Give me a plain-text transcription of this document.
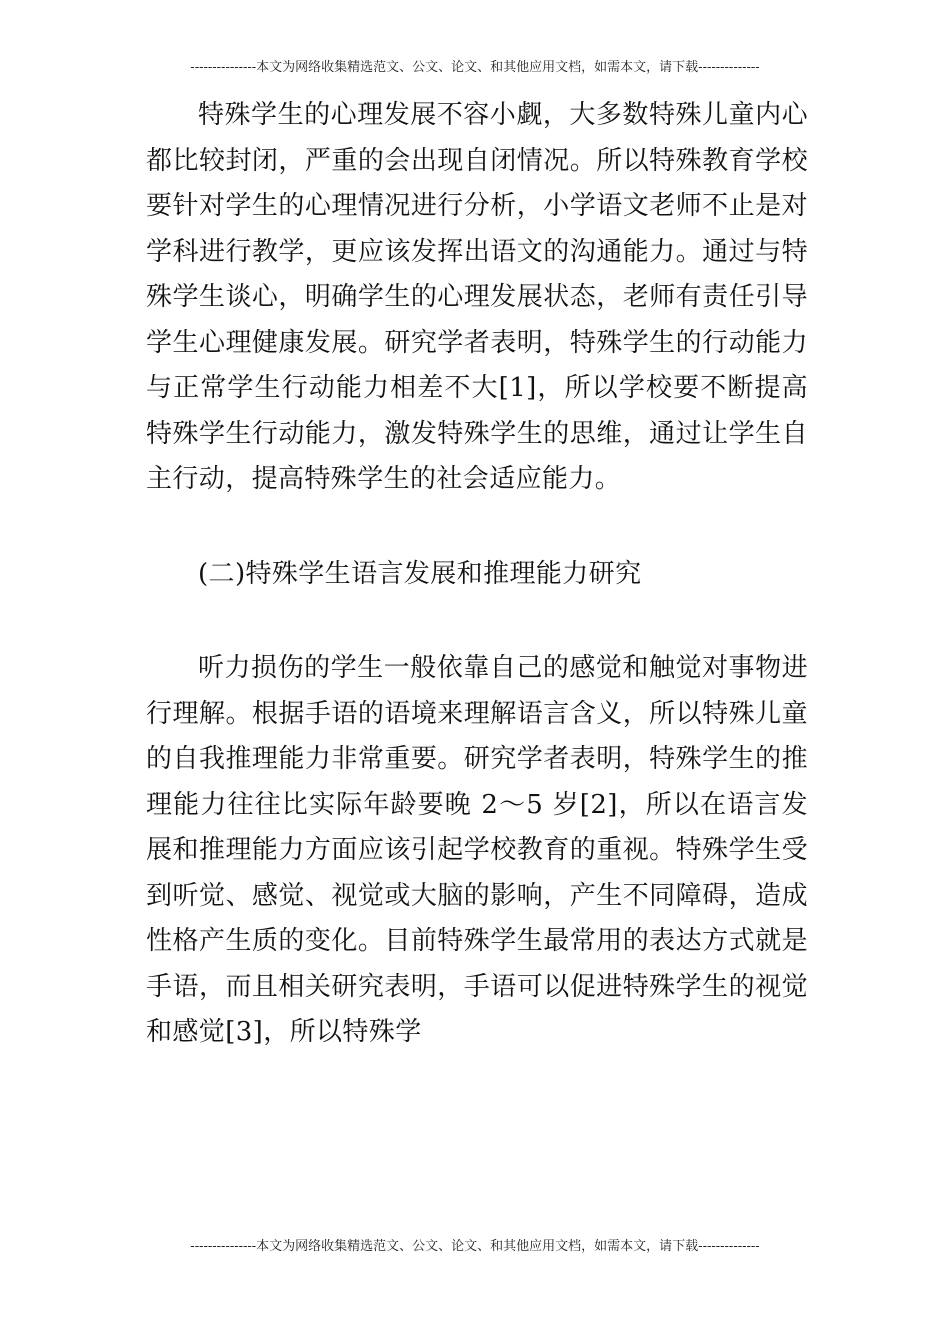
---------------本文为网络收集精选范文、公文、论文、和其他应用文档，如需本文，请下载--------------

特殊学生的心理发展不容小觑，大多数特殊儿童内心都比较封闭，严重的会出现自闭情况。所以特殊教育学校要针对学生的心理情况进行分析，小学语文老师不止是对学科进行教学，更应该发挥出语文的沟通能力。通过与特殊学生谈心，明确学生的心理发展状态，老师有责任引导学生心理健康发展。研究学者表明，特殊学生的行动能力与正常学生行动能力相差不大[1]，所以学校要不断提高特殊学生行动能力，激发特殊学生的思维，通过让学生自主行动，提高特殊学生的社会适应能力。

(二)特殊学生语言发展和推理能力研究

听力损伤的学生一般依靠自己的感觉和触觉对事物进行理解。根据手语的语境来理解语言含义，所以特殊儿童的自我推理能力非常重要。研究学者表明，特殊学生的推理能力往往比实际年龄要晚 2～5 岁[2]，所以在语言发展和推理能力方面应该引起学校教育的重视。特殊学生受到听觉、感觉、视觉或大脑的影响，产生不同障碍，造成性格产生质的变化。目前特殊学生最常用的表达方式就是手语，而且相关研究表明，手语可以促进特殊学生的视觉和感觉[3]，所以特殊学

---------------本文为网络收集精选范文、公文、论文、和其他应用文档，如需本文，请下载--------------
